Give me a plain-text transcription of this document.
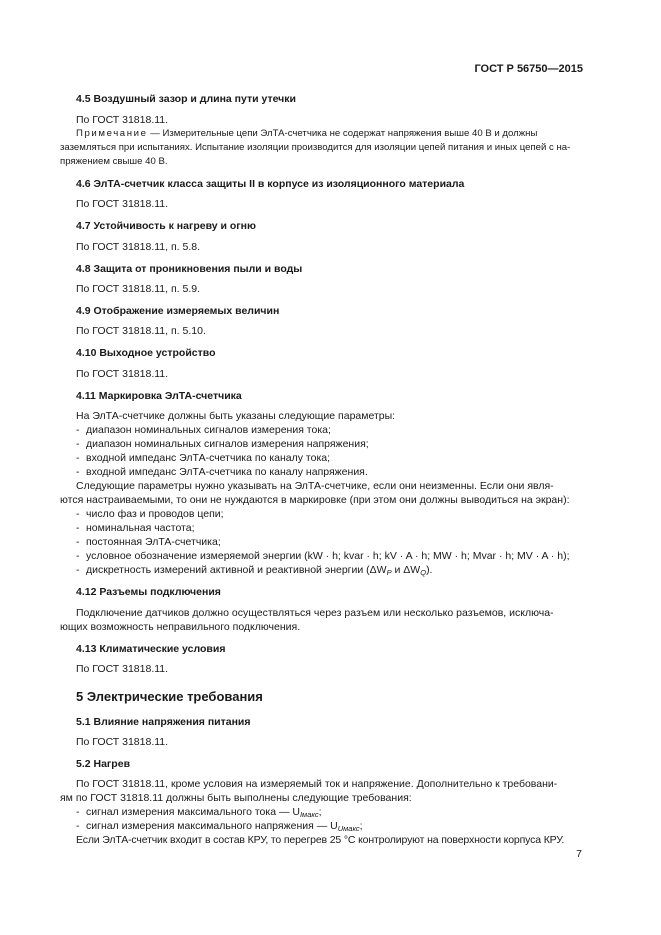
ГОСТ Р 56750—2015
4.5 Воздушный зазор и длина пути утечки
По ГОСТ 31818.11.
Примечание — Измерительные цепи ЭлТА-счетчика не содержат напряжения выше 40 В и должны
заземляться при испытаниях. Испытание изоляции производится для изоляции цепей питания и иных цепей с на-
пряжением свыше 40 В.
4.6 ЭлТА-счетчик класса защиты II в корпусе из изоляционного материала
По ГОСТ 31818.11.
4.7 Устойчивость к нагреву и огню
По ГОСТ 31818.11, п. 5.8.
4.8 Защита от проникновения пыли и воды
По ГОСТ 31818.11, п. 5.9.
4.9 Отображение измеряемых величин
По ГОСТ 31818.11, п. 5.10.
4.10 Выходное устройство
По ГОСТ 31818.11.
4.11 Маркировка ЭлТА-счетчика
На ЭлТА-счетчике должны быть указаны следующие параметры:
- диапазон номинальных сигналов измерения тока;
- диапазон номинальных сигналов измерения напряжения;
- входной импеданс ЭлТА-счетчика по каналу тока;
- входной импеданс ЭлТА-счетчика по каналу напряжения.
Следующие параметры нужно указывать на ЭлТА-счетчике, если они неизменны. Если они явля-
ются настраиваемыми, то они не нуждаются в маркировке (при этом они должны выводиться на экран):
- число фаз и проводов цепи;
- номинальная частота;
- постоянная ЭлТА-счетчика;
- условное обозначение измеряемой энергии (kW · h; kvar · h; kV · A · h; MW · h; Mvar · h; MV · A · h);
- дискретность измерений активной и реактивной энергии ($\Delta W_P$ и $\Delta W_Q$).
4.12 Разъемы подключения
Подключение датчиков должно осуществляться через разъем или несколько разъемов, исключа-
ющих возможность неправильного подключения.
4.13 Климатические условия
По ГОСТ 31818.11.
5 Электрические требования
5.1 Влияние напряжения питания
По ГОСТ 31818.11.
5.2 Нагрев
По ГОСТ 31818.11, кроме условия на измеряемый ток и напряжение. Дополнительно к требовани-
ям по ГОСТ 31818.11 должны быть выполнены следующие требования:
- сигнал измерения максимального тока — $U_{Iмакс}$;
- сигнал измерения максимального напряжения — $U_{Uмакс}$;
Если ЭлТА-счетчик входит в состав КРУ, то перегрев 25 °С контролируют на поверхности корпуса КРУ.
7
